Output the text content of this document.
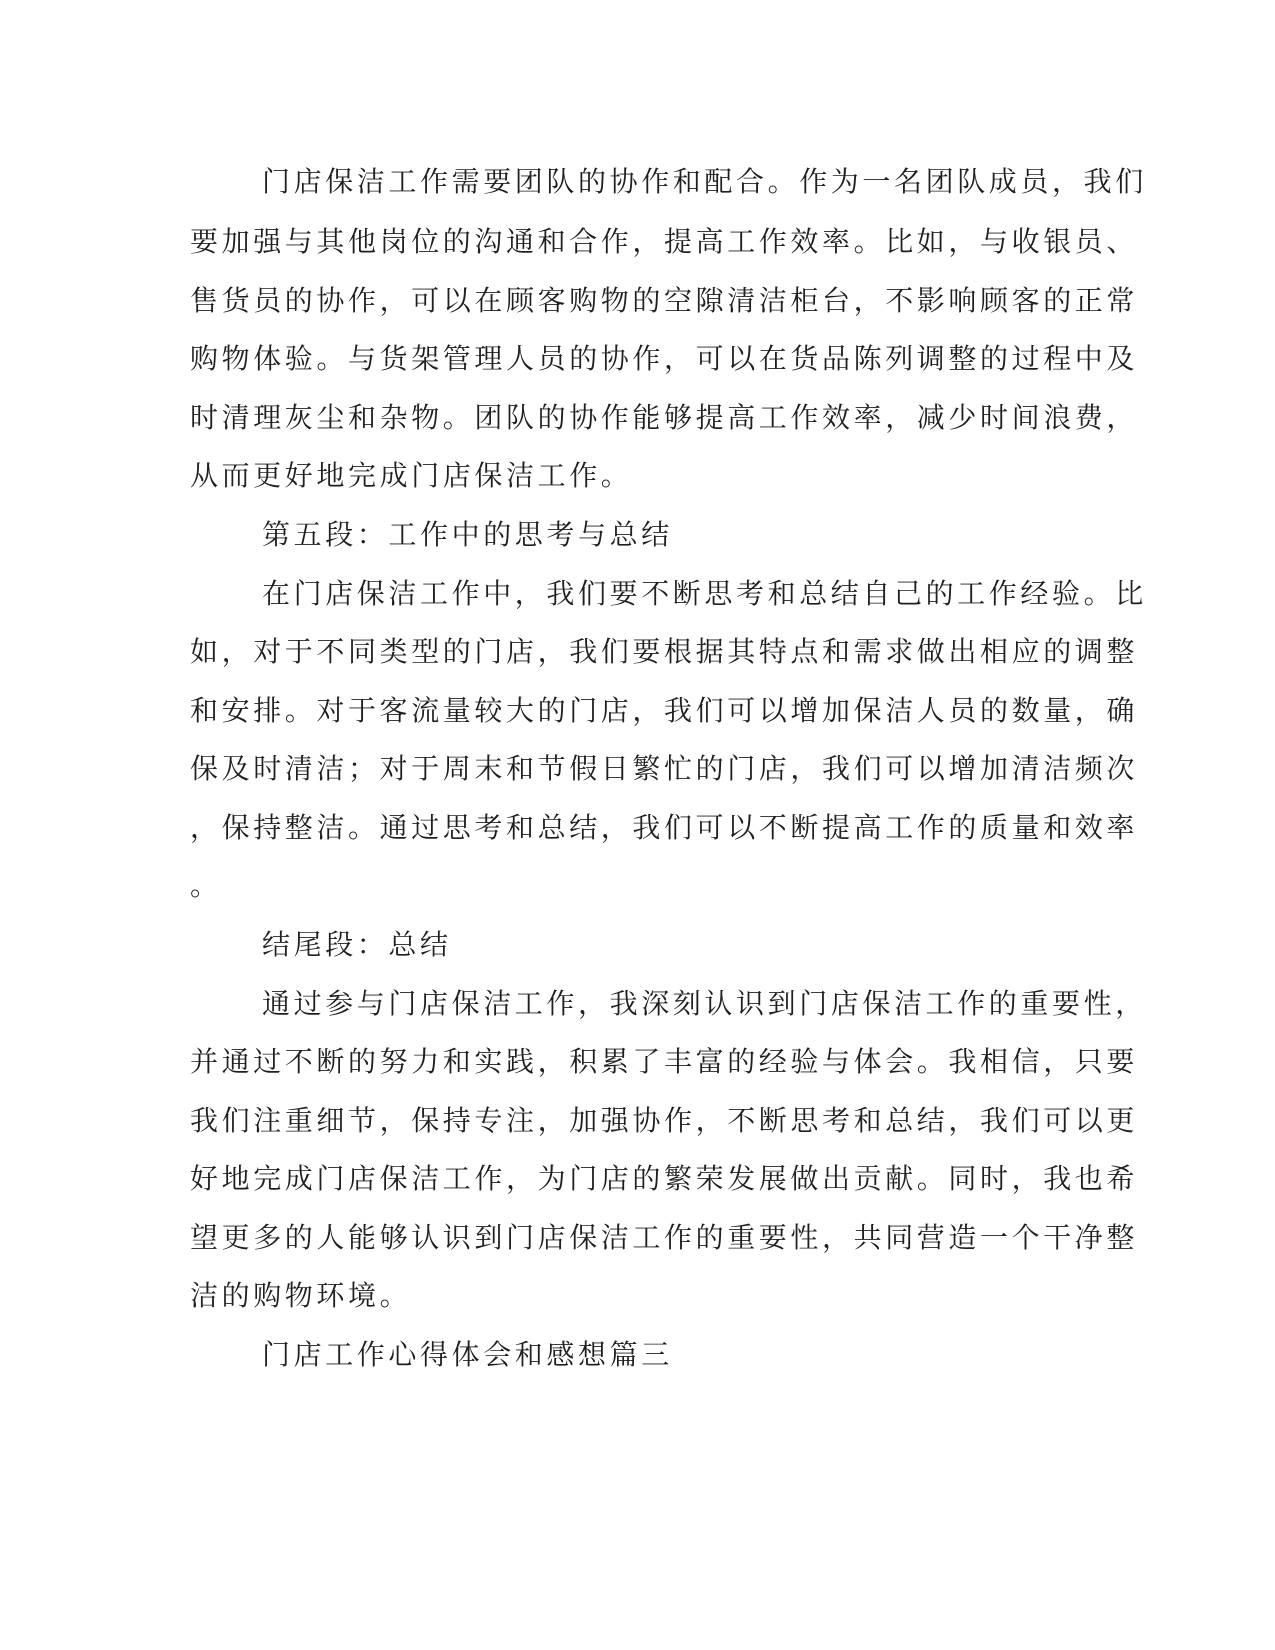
门店保洁工作需要团队的协作和配合。作为一名团队成员，我们
要加强与其他岗位的沟通和合作，提高工作效率。比如，与收银员、
售货员的协作，可以在顾客购物的空隙清洁柜台，不影响顾客的正常
购物体验。与货架管理人员的协作，可以在货品陈列调整的过程中及
时清理灰尘和杂物。团队的协作能够提高工作效率，减少时间浪费，
从而更好地完成门店保洁工作。
第五段：工作中的思考与总结
在门店保洁工作中，我们要不断思考和总结自己的工作经验。比
如，对于不同类型的门店，我们要根据其特点和需求做出相应的调整
和安排。对于客流量较大的门店，我们可以增加保洁人员的数量，确
保及时清洁；对于周末和节假日繁忙的门店，我们可以增加清洁频次
，保持整洁。通过思考和总结，我们可以不断提高工作的质量和效率
。
结尾段：总结
通过参与门店保洁工作，我深刻认识到门店保洁工作的重要性，
并通过不断的努力和实践，积累了丰富的经验与体会。我相信，只要
我们注重细节，保持专注，加强协作，不断思考和总结，我们可以更
好地完成门店保洁工作，为门店的繁荣发展做出贡献。同时，我也希
望更多的人能够认识到门店保洁工作的重要性，共同营造一个干净整
洁的购物环境。
门店工作心得体会和感想篇三
